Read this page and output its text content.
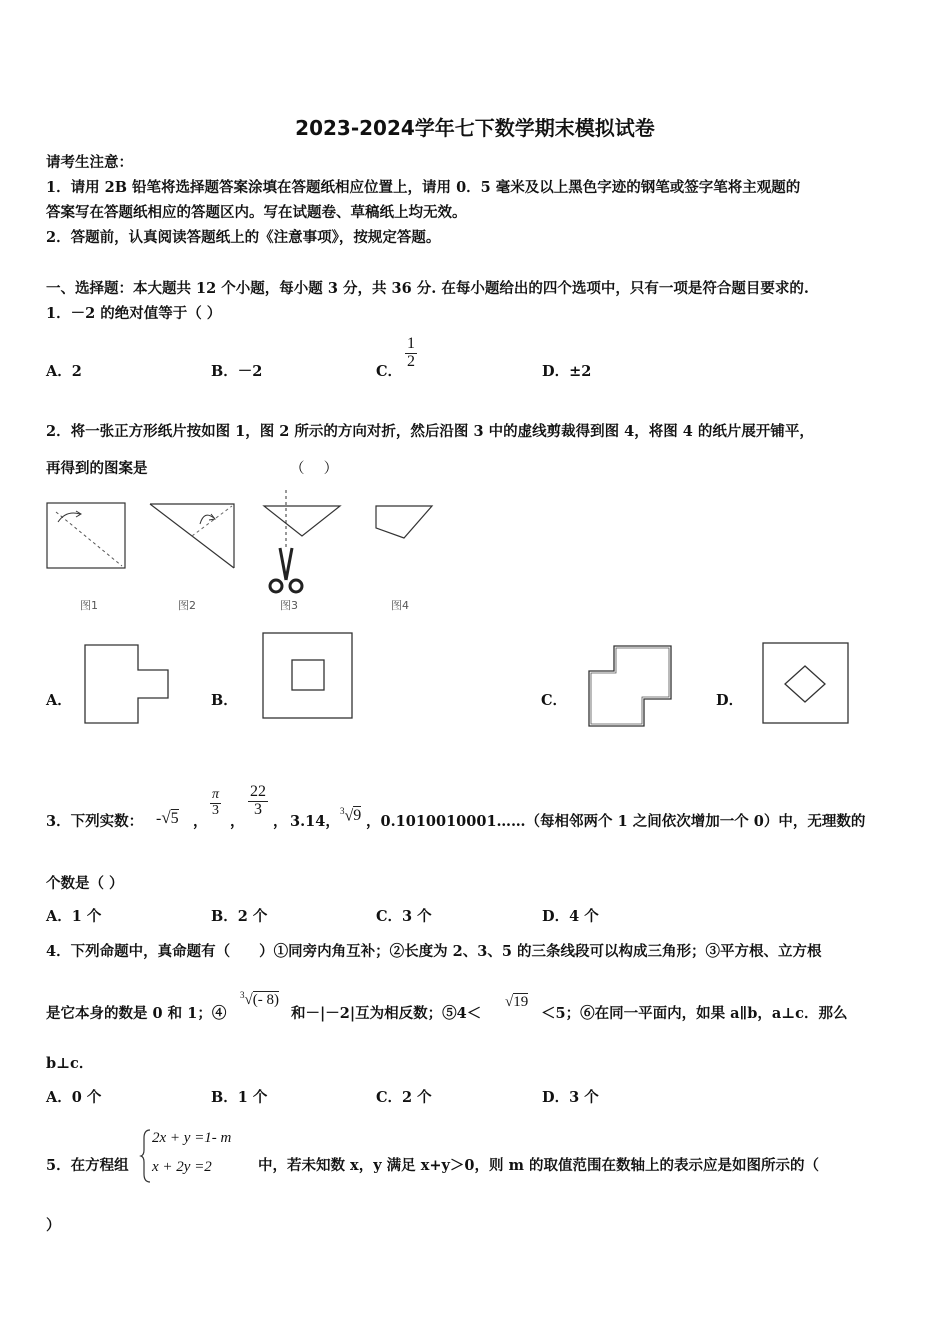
2023-2024学年七下数学期末模拟试卷
请考生注意：
1．请用 2B 铅笔将选择题答案涂填在答题纸相应位置上，请用 0．5 毫米及以上黑色字迹的钢笔或签字笔将主观题的
答案写在答题纸相应的答题区内。写在试题卷、草稿纸上均无效。
2．答题前，认真阅读答题纸上的《注意事项》，按规定答题。
一、选择题：本大题共 12 个小题，每小题 3 分，共 36 分. 在每小题给出的四个选项中，只有一项是符合题目要求的.
1．－2 的绝对值等于（ ）
A．2	B．－2	C．
$\frac{1}{2}$
D．±2
2．将一张正方形纸片按如图 1，图 2 所示的方向对折，然后沿图 3 中的虚线剪裁得到图 4，将图 4 的纸片展开铺平，
再得到的图案是	（　 ）
图1	图2	图3	图4
A．	B．	C．	D．
3．下列实数： -√5 ，
$\frac{\pi}{3}$
，
$\frac{22}{3}$
， 3.14，
$^3$√9 ，0.1010010001……（每相邻两个 1 之间依次增加一个 0）中，无理数的
个数是（ ）
A．1 个	B．2 个	C．3 个	D．4 个
4．下列命题中，真命题有（　　）①同旁内角互补；②长度为 2、3、5 的三条线段可以构成三角形；③平方根、立方根
是它本身的数是 0 和 1；④
$^3$√(- 8)
和－|－2|互为相反数；⑤4＜
√19
＜5；⑥在同一平面内，如果 a∥b，a⊥c．那么
b⊥c．
A．0 个	B．1 个	C．2 个	D．3 个
5．在方程组
2x + y =1- m
x + 2y =2	中，若未知数 x，y 满足 x+y＞0，则 m 的取值范围在数轴上的表示应是如图所示的（
）
